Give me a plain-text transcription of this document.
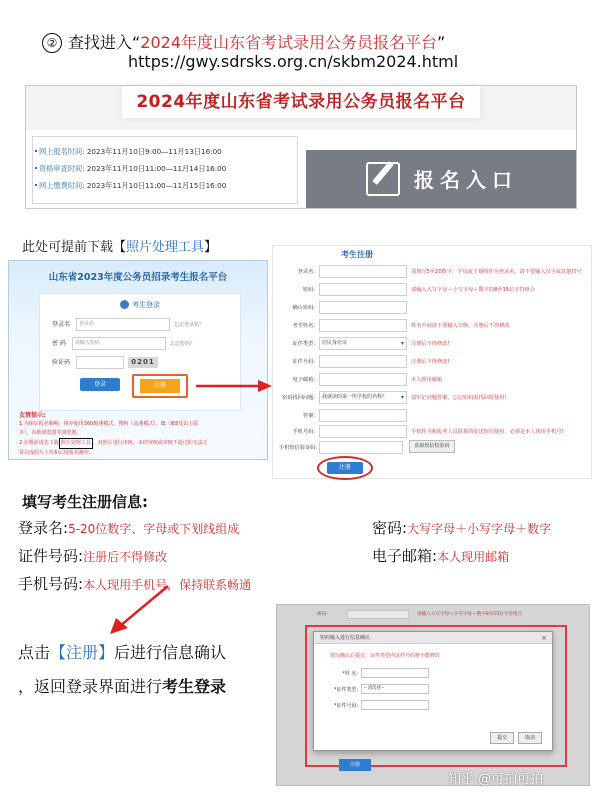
② 查找进入“2024年度山东省考试录用公务员报名平台”
https://gwy.sdrsks.org.cn/skbm2024.html
2024年度山东省考试录用公务员报名平台
网上报名时间: 2023年11月10日9:00—11月13日16:00
资格审查时间: 2023年11月10日11:00—11月14日16:00
网上缴费时间: 2023年11月10日11:00—11月15日16:00	报名入口
此处可提前下载【照片处理工具】
山东省2023年度公务员招录考生报名平台
考生登录
登录名 登录名	忘记登录名？
密 码 请输入密码	忘记密码？
验证码	0201
登录	注册
友情提示:
1.为保证报名顺畅，推荐使用360极速模式，搜狗（高速模式），IE（IE8及以上版
本），谷歌浏览器等浏览器。
2.注册前请先下载 照片处理工具 ，对照片进行审核，未经审核或审核不通过的无法正
常完成照片上传和后续报名操作。
考生注册
登录名:	请填写5至20数字，字母或下划线作为登录名。请不要输入汉字或其他符号
密码:	请输入大写字母＋小写字母＋数字的8至15位字符组合
确认密码:
考生姓名:	姓名中间请不要输入空格，注册后不得修改
证件类型:	居民身份证 ▾	注册后不得修改!
证件号码:	注册后不得修改!
电子邮箱:	本人现用邮箱
密码找回问题:	我就读的第一所学校的名称？ ▾	请牢记问题答案，忘记密码需找回时使用!
答案:
手机号码:	手机作为和报考人员联系的发送短信使用，必须是本人现用手机号!
手机短信验证码:	获取短信校验码
注册
填写考生注册信息:
登录名:5-20位数字、字母或下划线组成	密码:大写字母＋小写字母＋数字
证件号码:注册后不得修改	电子邮箱:本人现用邮箱
手机号码:本人现用手机号，保持联系畅通
点击【注册】后进行信息确认
，返回登录界面进行考生登录
密码:	请输入大写字母＋小写字母＋数字8至15位字符组合
密码输入进行信息确认	×
填写确认后提交。证件类型内证件号码将不能修改
*姓 名:
*证件类型: --请选择--
*证件号码:
提交	取消
注册
知乎 @可拍可拍
